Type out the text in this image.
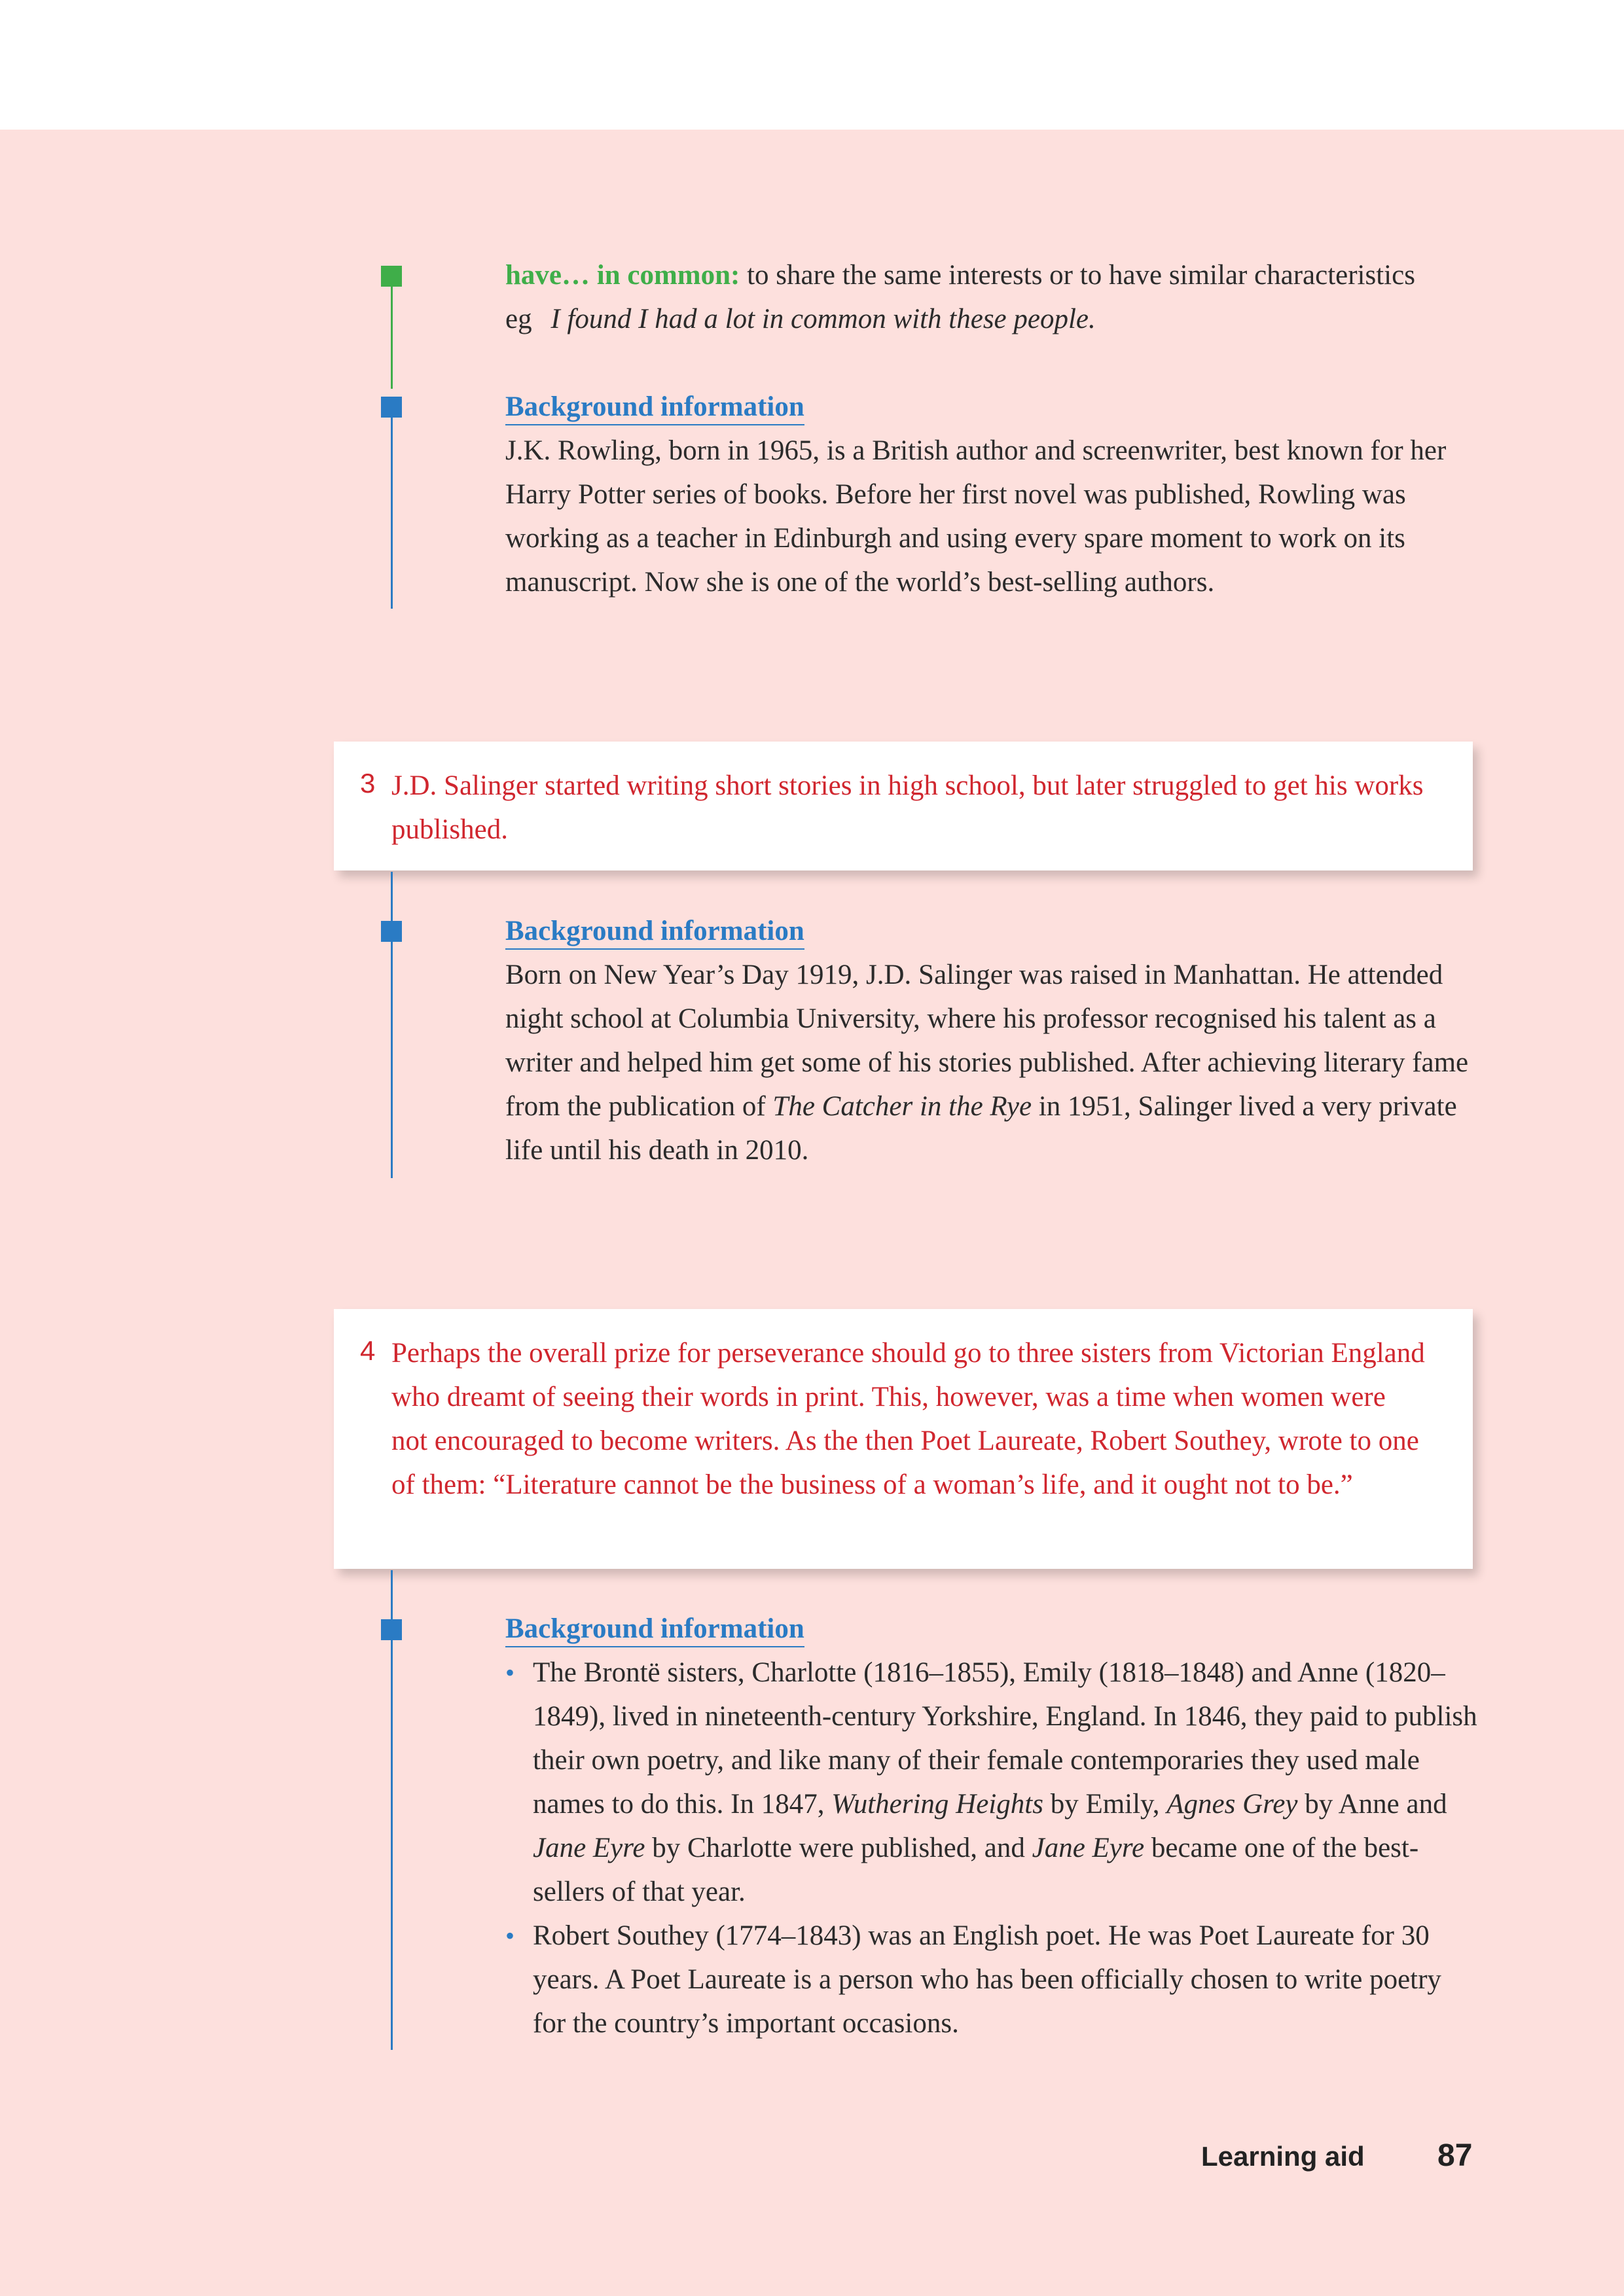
have… in common: to share the same interests or to have similar characteristics
eg I found I had a lot in common with these people.
Background information
J.K. Rowling, born in 1965, is a British author and screenwriter, best known for her Harry Potter series of books. Before her first novel was published, Rowling was working as a teacher in Edinburgh and using every spare moment to work on its manuscript. Now she is one of the world’s best-selling authors.
3 J.D. Salinger started writing short stories in high school, but later struggled to get his works published.
Background information
Born on New Year’s Day 1919, J.D. Salinger was raised in Manhattan. He attended night school at Columbia University, where his professor recognised his talent as a writer and helped him get some of his stories published. After achieving literary fame from the publication of The Catcher in the Rye in 1951, Salinger lived a very private life until his death in 2010.
4 Perhaps the overall prize for perseverance should go to three sisters from Victorian England who dreamt of seeing their words in print. This, however, was a time when women were not encouraged to become writers. As the then Poet Laureate, Robert Southey, wrote to one of them: “Literature cannot be the business of a woman’s life, and it ought not to be.”
Background information
• The Brontë sisters, Charlotte (1816–1855), Emily (1818–1848) and Anne (1820–1849), lived in nineteenth-century Yorkshire, England. In 1846, they paid to publish their own poetry, and like many of their female contemporaries they used male names to do this. In 1847, Wuthering Heights by Emily, Agnes Grey by Anne and Jane Eyre by Charlotte were published, and Jane Eyre became one of the best-sellers of that year.
• Robert Southey (1774–1843) was an English poet. He was Poet Laureate for 30 years. A Poet Laureate is a person who has been officially chosen to write poetry for the country’s important occasions.
Learning aid 87
